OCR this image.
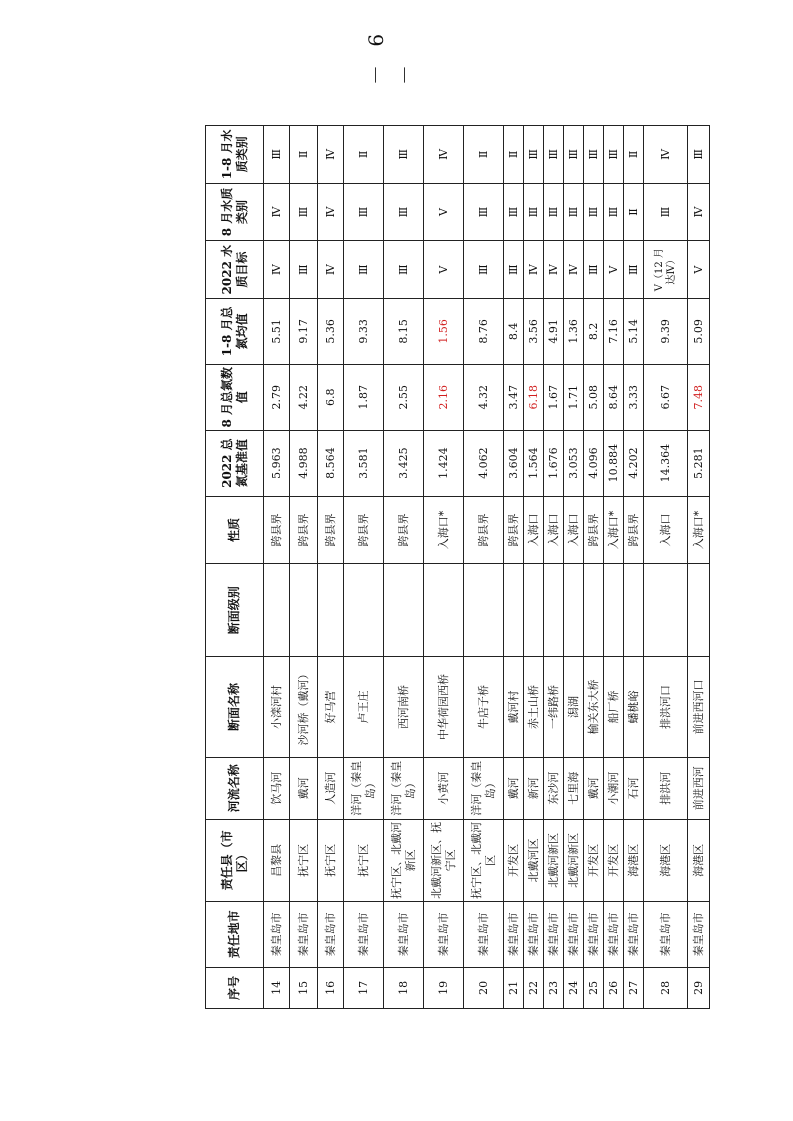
序号	责任地市	责任县（市区）	河流名称	断面名称	断面级别	性质	2022 总氮基准值	8 月总氮数值	1-8 月总氮均值	2022 水质目标	8 月水质类别	1-8 月水质类别
14	秦皇岛市	昌黎县	饮马河	小滦河村		跨县界	5.963	2.79	5.51	Ⅳ	Ⅳ	Ⅲ
15	秦皇岛市	抚宁区	戴河	沙河桥（戴河）		跨县界	4.988	4.22	9.17	Ⅲ	Ⅲ	Ⅱ
16	秦皇岛市	抚宁区	人造河	好马营		跨县界	8.564	6.8	5.36	Ⅳ	Ⅳ	Ⅳ
17	秦皇岛市	抚宁区	洋河（秦皇岛）	卢王庄		跨县界	3.581	1.87	9.33	Ⅲ	Ⅲ	Ⅱ
18	秦皇岛市	抚宁区、北戴河新区	洋河（秦皇岛）	西河南桥		跨县界	3.425	2.55	8.15	Ⅲ	Ⅲ	Ⅲ
19	秦皇岛市	北戴河新区、抚宁区	小黄河	中华荷园西桥		入海口*	1.424	2.16	1.56	Ⅴ	Ⅴ	Ⅳ
20	秦皇岛市	抚宁区、北戴河区	洋河（秦皇岛）	牛店子桥		跨县界	4.062	4.32	8.76	Ⅲ	Ⅲ	Ⅱ
21	秦皇岛市	开发区	戴河	戴河村		跨县界	3.604	3.47	8.4	Ⅲ	Ⅲ	Ⅱ
22	秦皇岛市	北戴河区	新河	赤土山桥		入海口	1.564	6.18	3.56	Ⅳ	Ⅲ	Ⅲ
23	秦皇岛市	北戴河新区	东沙河	一纬路桥		入海口	1.676	1.67	4.91	Ⅳ	Ⅲ	Ⅲ
24	秦皇岛市	北戴河新区	七里海	潟湖		入海口	3.053	1.71	1.36	Ⅳ	Ⅲ	Ⅲ
25	秦皇岛市	开发区	戴河	榆关东大桥		跨县界	4.096	5.08	8.2	Ⅲ	Ⅲ	Ⅲ
26	秦皇岛市	开发区	小潮河	船厂桥		入海口*	10.884	8.64	7.16	Ⅴ	Ⅲ	Ⅲ
27	秦皇岛市	海港区	石河	蟠桃峪		跨县界	4.202	3.33	5.14	Ⅲ	Ⅱ	Ⅱ
28	秦皇岛市	海港区	排洪河	排洪河口		入海口	14.364	6.67	9.39	Ⅴ（12 月达Ⅳ）	Ⅲ	Ⅳ
29	秦皇岛市	海港区	前进西河	前进西河口		入海口*	5.281	7.48	5.09	Ⅴ	Ⅳ	Ⅲ
－ 6 －
